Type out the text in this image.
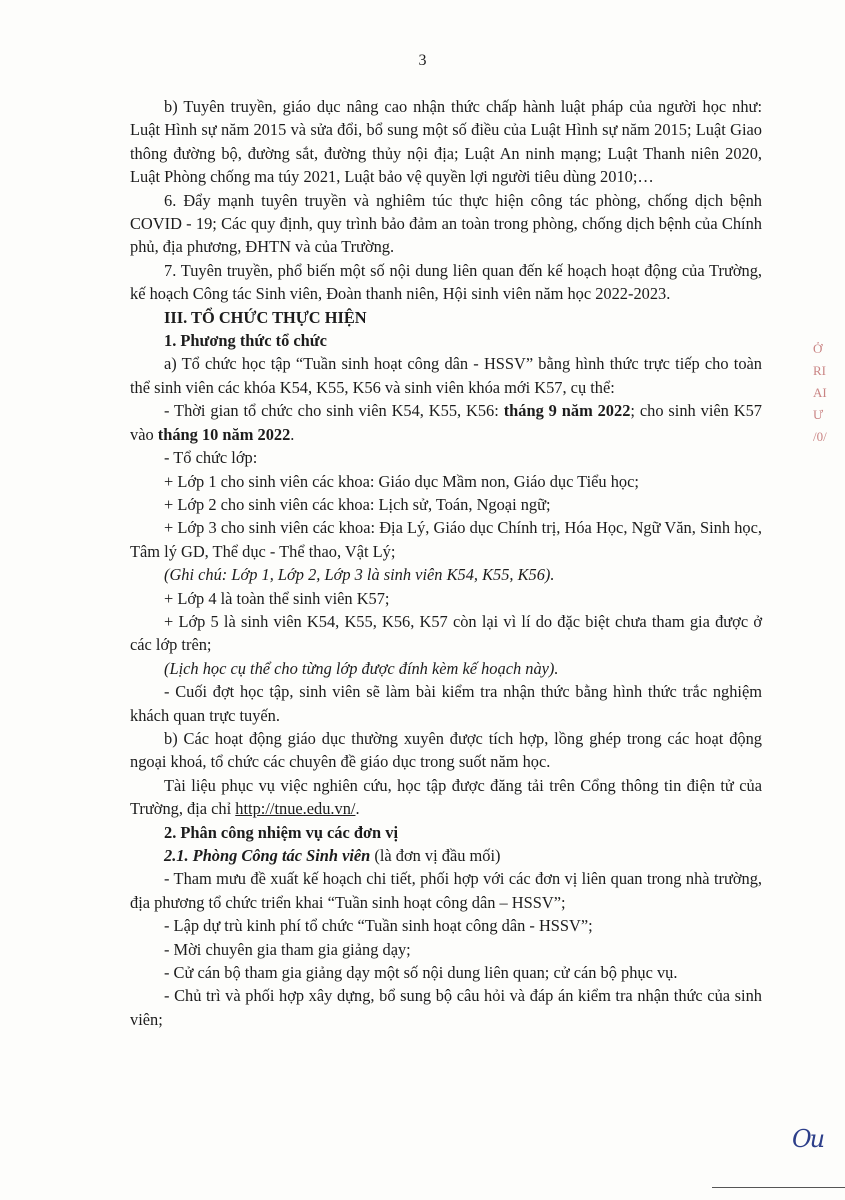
3

b) Tuyên truyền, giáo dục nâng cao nhận thức chấp hành luật pháp của người học như: Luật Hình sự năm 2015 và sửa đổi, bổ sung một số điều của Luật Hình sự năm 2015; Luật Giao thông đường bộ, đường sắt, đường thủy nội địa; Luật An ninh mạng; Luật Thanh niên 2020, Luật Phòng chống ma túy 2021, Luật bảo vệ quyền lợi người tiêu dùng 2010;…

6. Đẩy mạnh tuyên truyền và nghiêm túc thực hiện công tác phòng, chống dịch bệnh COVID - 19; Các quy định, quy trình bảo đảm an toàn trong phòng, chống dịch bệnh của Chính phủ, địa phương, ĐHTN và của Trường.

7. Tuyên truyền, phổ biến một số nội dung liên quan đến kế hoạch hoạt động của Trường, kế hoạch Công tác Sinh viên, Đoàn thanh niên, Hội sinh viên năm học 2022-2023.

III. TỔ CHỨC THỰC HIỆN

1. Phương thức tổ chức

a) Tổ chức học tập “Tuần sinh hoạt công dân - HSSV” bằng hình thức trực tiếp cho toàn thể sinh viên các khóa K54, K55, K56 và sinh viên khóa mới K57, cụ thể:

- Thời gian tổ chức cho sinh viên K54, K55, K56: tháng 9 năm 2022; cho sinh viên K57 vào tháng 10 năm 2022.

- Tổ chức lớp:

+ Lớp 1 cho sinh viên các khoa: Giáo dục Mầm non, Giáo dục Tiểu học;

+ Lớp 2 cho sinh viên các khoa: Lịch sử, Toán, Ngoại ngữ;

+ Lớp 3 cho sinh viên các khoa: Địa Lý, Giáo dục Chính trị, Hóa Học, Ngữ Văn, Sinh học, Tâm lý GD, Thể dục - Thể thao, Vật Lý;

(Ghi chú: Lớp 1, Lớp 2, Lớp 3 là sinh viên K54, K55, K56).

+ Lớp 4 là toàn thể sinh viên K57;

+ Lớp 5 là sinh viên K54, K55, K56, K57 còn lại vì lí do đặc biệt chưa tham gia được ở các lớp trên;

(Lịch học cụ thể cho từng lớp được đính kèm kế hoạch này).

- Cuối đợt học tập, sinh viên sẽ làm bài kiểm tra nhận thức bằng hình thức trắc nghiệm khách quan trực tuyến.

b) Các hoạt động giáo dục thường xuyên được tích hợp, lồng ghép trong các hoạt động ngoại khoá, tổ chức các chuyên đề giáo dục trong suốt năm học.

Tài liệu phục vụ việc nghiên cứu, học tập được đăng tải trên Cổng thông tin điện tử của Trường, địa chỉ http://tnue.edu.vn/.

2. Phân công nhiệm vụ các đơn vị

2.1. Phòng Công tác Sinh viên (là đơn vị đầu mối)

- Tham mưu đề xuất kế hoạch chi tiết, phối hợp với các đơn vị liên quan trong nhà trường, địa phương tổ chức triển khai “Tuần sinh hoạt công dân – HSSV”;

- Lập dự trù kinh phí tổ chức “Tuần sinh hoạt công dân - HSSV”;

- Mời chuyên gia tham gia giảng dạy;

- Cử cán bộ tham gia giảng dạy một số nội dung liên quan; cử cán bộ phục vụ.

- Chủ trì và phối hợp xây dựng, bổ sung bộ câu hỏi và đáp án kiểm tra nhận thức của sinh viên;

Ở
RI
AI
Ư
/0/
Ou
